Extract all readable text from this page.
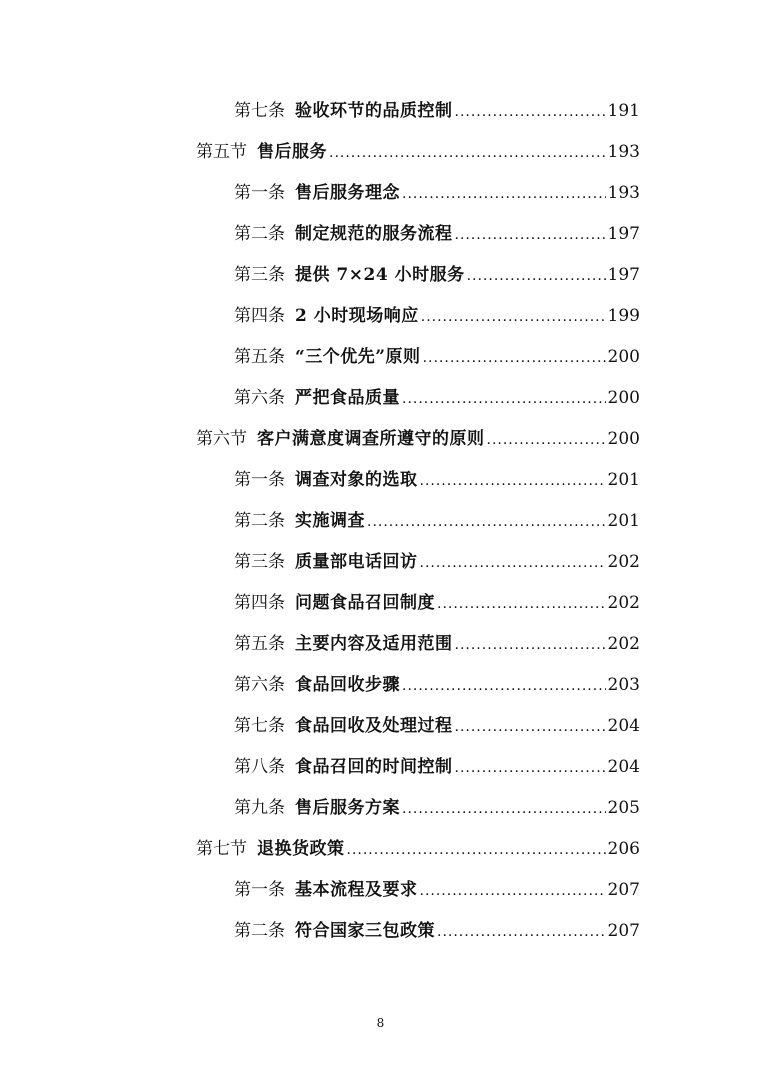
第七条 验收环节的品质控制 .....	191
第五节 售后服务 .....	193
第一条 售后服务理念 .....	193
第二条 制定规范的服务流程 .....	197
第三条 提供 7×24 小时服务 .....	197
第四条 2 小时现场响应 .....	199
第五条 “三个优先”原则 .....	200
第六条 严把食品质量 .....	200
第六节 客户满意度调查所遵守的原则 .....	200
第一条 调查对象的选取 .....	201
第二条 实施调查 .....	201
第三条 质量部电话回访 .....	202
第四条 问题食品召回制度 .....	202
第五条 主要内容及适用范围 .....	202
第六条 食品回收步骤 .....	203
第七条 食品回收及处理过程 .....	204
第八条 食品召回的时间控制 .....	204
第九条 售后服务方案 .....	205
第七节 退换货政策 .....	206
第一条 基本流程及要求 .....	207
第二条 符合国家三包政策 .....	207
8
